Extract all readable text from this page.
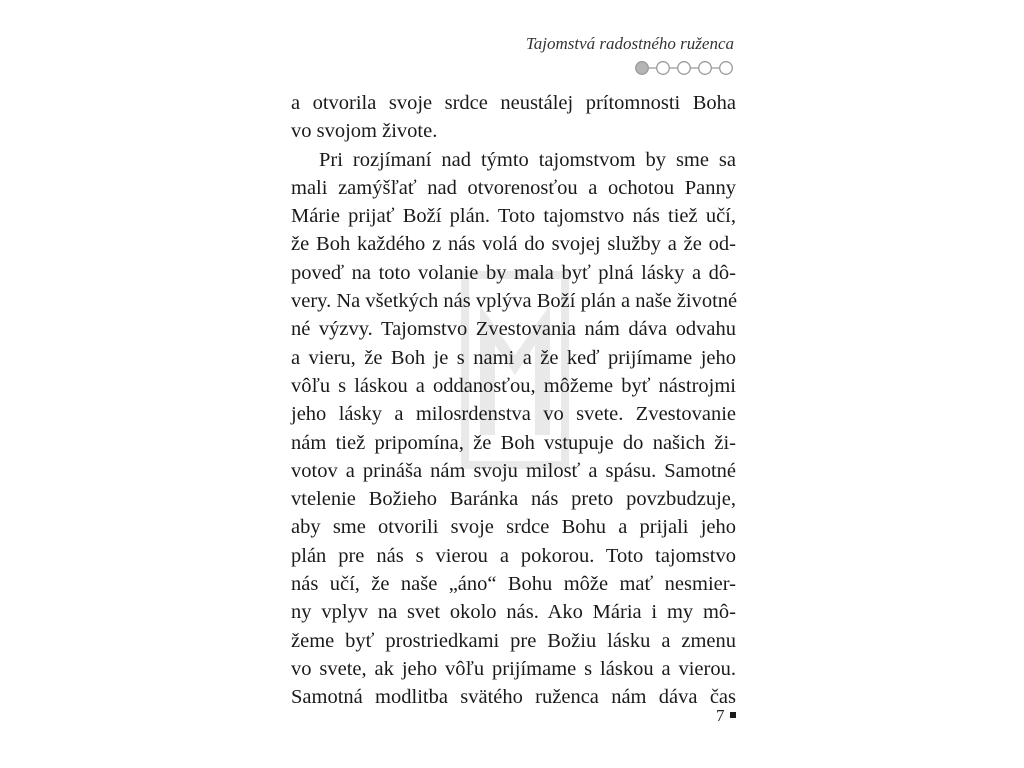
Tajomstvá radostného ruženca
a otvorila svoje srdce neustálej prítomnosti Boha
vo svojom živote.
Pri rozjímaní nad týmto tajomstvom by sme sa
mali zamýšľať nad otvorenosťou a ochotou Panny
Márie prijať Boží plán. Toto tajomstvo nás tiež učí,
že Boh každého z nás volá do svojej služby a že od-
poveď na toto volanie by mala byť plná lásky a dô-
very. Na všetkých nás vplýva Boží plán a naše životné
né výzvy. Tajomstvo Zvestovania nám dáva odvahu
a vieru, že Boh je s nami a že keď prijímame jeho
vôľu s láskou a oddanosťou, môžeme byť nástrojmi
jeho lásky a milosrdenstva vo svete. Zvestovanie
nám tiež pripomína, že Boh vstupuje do našich ži-
votov a prináša nám svoju milosť a spásu. Samotné
vtelenie Božieho Baránka nás preto povzbudzuje,
aby sme otvorili svoje srdce Bohu a prijali jeho
plán pre nás s vierou a pokorou. Toto tajomstvo
nás učí, že naše „áno“ Bohu môže mať nesmier-
ny vplyv na svet okolo nás. Ako Mária i my mô-
žeme byť prostriedkami pre Božiu lásku a zmenu
vo svete, ak jeho vôľu prijímame s láskou a vierou.
Samotná modlitba svätého ruženca nám dáva čas
7
